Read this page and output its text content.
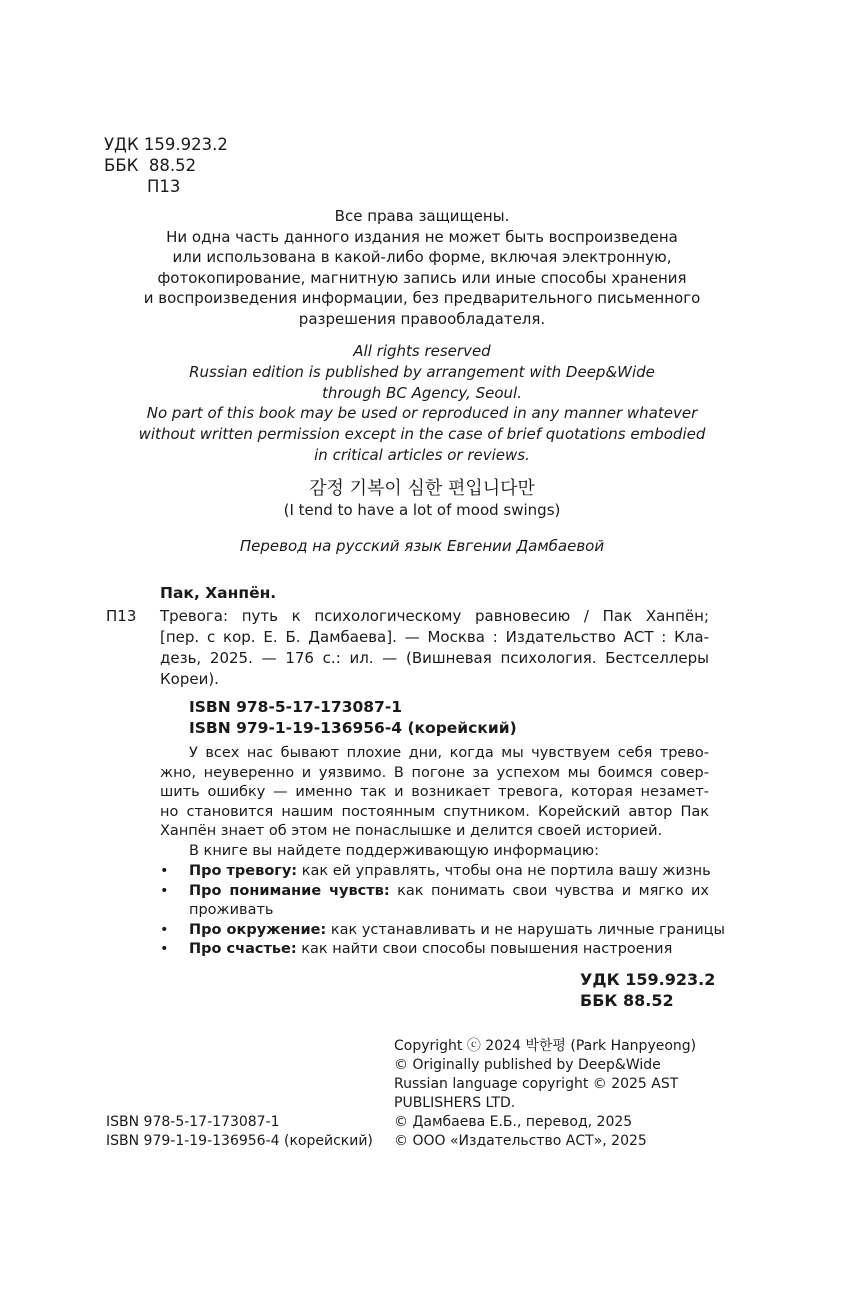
УДК 159.923.2
ББК 88.52
П13
Все права защищены.
Ни одна часть данного издания не может быть воспроизведена
или использована в какой-либо форме, включая электронную,
фотокопирование, магнитную запись или иные способы хранения
и воспроизведения информации, без предварительного письменного
разрешения правообладателя.
All rights reserved
Russian edition is published by arrangement with Deep&Wide
through BC Agency, Seoul.
No part of this book may be used or reproduced in any manner whatever
without written permission except in the case of brief quotations embodied
in critical articles or reviews.
감정 기복이 심한 편입니다만
(I tend to have a lot of mood swings)
Перевод на русский язык Евгении Дамбаевой
Пак, Ханпён.
П13 Тревога: путь к психологическому равновесию / Пак Ханпён;
[пер. с кор. Е. Б. Дамбаева]. — Москва : Издательство АСТ : Кла-
дезь, 2025. — 176 с.: ил. — (Вишневая психология. Бестселлеры
Кореи).
ISBN 978-5-17-173087-1
ISBN 979-1-19-136956-4 (корейский)
У всех нас бывают плохие дни, когда мы чувствуем себя трево-
жно, неуверенно и уязвимо. В погоне за успехом мы боимся совер-
шить ошибку — именно так и возникает тревога, которая незамет-
но становится нашим постоянным спутником. Корейский автор Пак
Ханпён знает об этом не понаслышке и делится своей историей.
В книге вы найдете поддерживающую информацию:
• Про тревогу: как ей управлять, чтобы она не портила вашу жизнь
• Про понимание чувств: как понимать свои чувства и мягко их
проживать
• Про окружение: как устанавливать и не нарушать личные границы
• Про счастье: как найти свои способы повышения настроения
УДК 159.923.2
ББК 88.52
Copyright ⓒ 2024 박한평 (Park Hanpyeong)
© Originally published by Deep&Wide
Russian language copyright © 2025 AST
PUBLISHERS LTD.
© Дамбаева Е.Б., перевод, 2025
© ООО «Издательство АСТ», 2025
ISBN 978-5-17-173087-1
ISBN 979-1-19-136956-4 (корейский)
